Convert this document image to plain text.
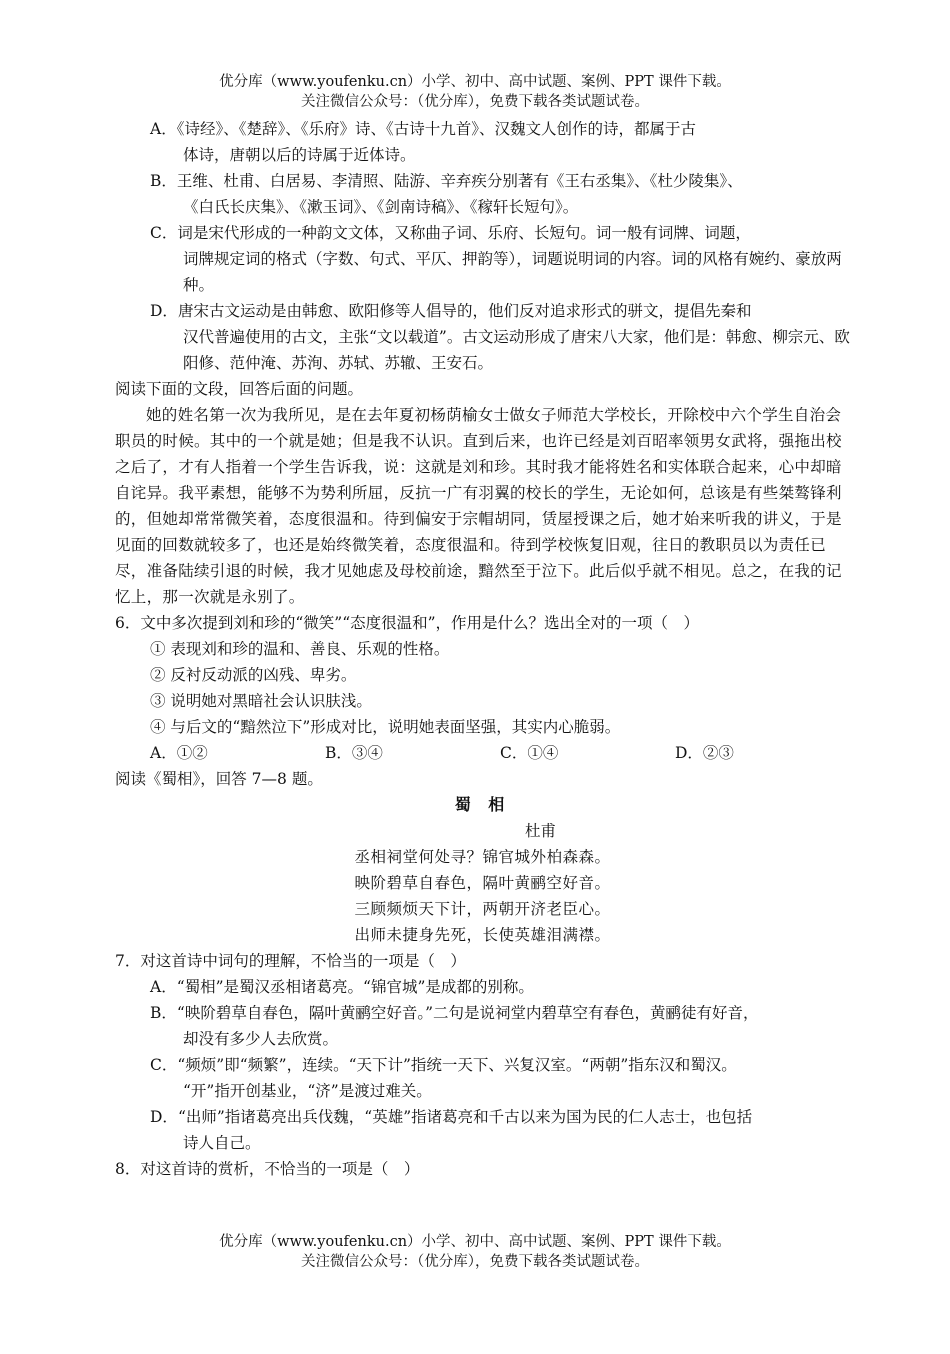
优分库（www.youfenku.cn）小学、初中、高中试题、案例、PPT 课件下载。
关注微信公众号：（优分库），免费下载各类试题试卷。
A．《诗经》、《楚辞》、《乐府》诗、《古诗十九首》、汉魏文人创作的诗，都属于古
体诗，唐朝以后的诗属于近体诗。
B．王维、杜甫、白居易、李清照、陆游、辛弃疾分别著有《王右丞集》、《杜少陵集》、
《白氏长庆集》、《漱玉词》、《剑南诗稿》、《稼轩长短句》。
C．词是宋代形成的一种韵文文体，又称曲子词、乐府、长短句。词一般有词牌、词题，
词牌规定词的格式（字数、句式、平仄、押韵等），词题说明词的内容。词的风格有婉约、豪放两种。
D．唐宋古文运动是由韩愈、欧阳修等人倡导的，他们反对追求形式的骈文，提倡先秦和
汉代普遍使用的古文，主张“文以载道”。古文运动形成了唐宋八大家，他们是：韩愈、柳宗元、欧阳修、范仲淹、苏洵、苏轼、苏辙、王安石。
阅读下面的文段，回答后面的问题。
她的姓名第一次为我所见，是在去年夏初杨荫榆女士做女子师范大学校长，开除校中六个学生自治会职员的时候。其中的一个就是她；但是我不认识。直到后来，也许已经是刘百昭率领男女武将，强拖出校之后了，才有人指着一个学生告诉我，说：这就是刘和珍。其时我才能将姓名和实体联合起来，心中却暗自诧异。我平素想，能够不为势利所屈，反抗一广有羽翼的校长的学生，无论如何，总该是有些桀骜锋利的，但她却常常微笑着，态度很温和。待到偏安于宗帽胡同，赁屋授课之后，她才始来听我的讲义，于是见面的回数就较多了，也还是始终微笑着，态度很温和。待到学校恢复旧观，往日的教职员以为责任已尽，准备陆续引退的时候，我才见她虑及母校前途，黯然至于泣下。此后似乎就不相见。总之，在我的记忆上，那一次就是永别了。
6．文中多次提到刘和珍的“微笑”“态度很温和”，作用是什么？选出全对的一项（　）
① 表现刘和珍的温和、善良、乐观的性格。
② 反衬反动派的凶残、卑劣。
③ 说明她对黑暗社会认识肤浅。
④ 与后文的“黯然泣下”形成对比，说明她表面坚强，其实内心脆弱。
A．①②	B．③④	C．①④	D．②③
阅读《蜀相》，回答 7—8 题。
蜀 相
杜甫
丞相祠堂何处寻？锦官城外柏森森。
映阶碧草自春色，隔叶黄鹂空好音。
三顾频烦天下计，两朝开济老臣心。
出师未捷身先死，长使英雄泪满襟。
7．对这首诗中词句的理解，不恰当的一项是（　）
A．“蜀相”是蜀汉丞相诸葛亮。“锦官城”是成都的别称。
B．“映阶碧草自春色，隔叶黄鹂空好音。”二句是说祠堂内碧草空有春色，黄鹂徒有好音，
却没有多少人去欣赏。
C．“频烦”即“频繁”，连续。“天下计”指统一天下、兴复汉室。“两朝”指东汉和蜀汉。
“开”指开创基业，“济”是渡过难关。
D．“出师”指诸葛亮出兵伐魏，“英雄”指诸葛亮和千古以来为国为民的仁人志士，也包括
诗人自己。
8．对这首诗的赏析，不恰当的一项是（　）
优分库（www.youfenku.cn）小学、初中、高中试题、案例、PPT 课件下载。
关注微信公众号：（优分库），免费下载各类试题试卷。
